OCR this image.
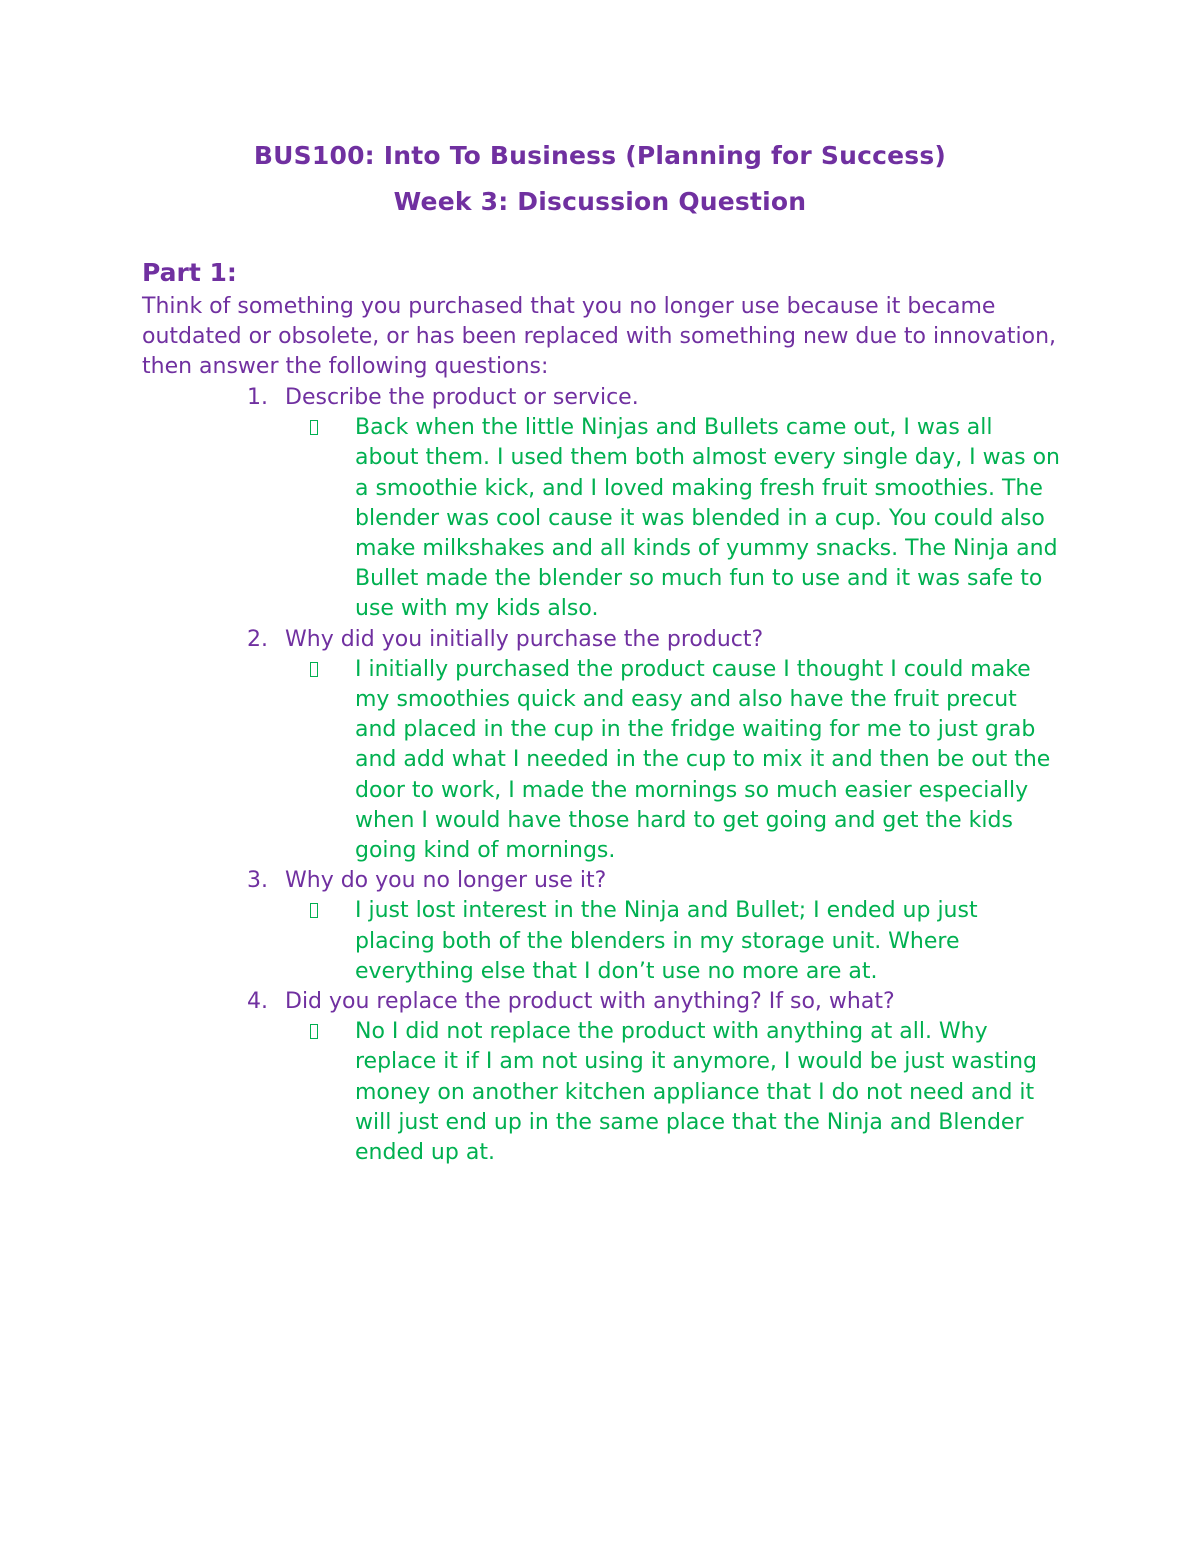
BUS100: Into To Business (Planning for Success)
Week 3: Discussion Question
Part 1:
Think of something you purchased that you no longer use because it became outdated or obsolete, or has been replaced with something new due to innovation, then answer the following questions:
1. Describe the product or service.
Back when the little Ninjas and Bullets came out, I was all about them. I used them both almost every single day, I was on a smoothie kick, and I loved making fresh fruit smoothies. The blender was cool cause it was blended in a cup. You could also make milkshakes and all kinds of yummy snacks. The Ninja and Bullet made the blender so much fun to use and it was safe to use with my kids also.
2. Why did you initially purchase the product?
I initially purchased the product cause I thought I could make my smoothies quick and easy and also have the fruit precut and placed in the cup in the fridge waiting for me to just grab and add what I needed in the cup to mix it and then be out the door to work, I made the mornings so much easier especially when I would have those hard to get going and get the kids going kind of mornings.
3. Why do you no longer use it?
I just lost interest in the Ninja and Bullet; I ended up just placing both of the blenders in my storage unit. Where everything else that I don’t use no more are at.
4. Did you replace the product with anything? If so, what?
No I did not replace the product with anything at all. Why replace it if I am not using it anymore, I would be just wasting money on another kitchen appliance that I do not need and it will just end up in the same place that the Ninja and Blender ended up at.
